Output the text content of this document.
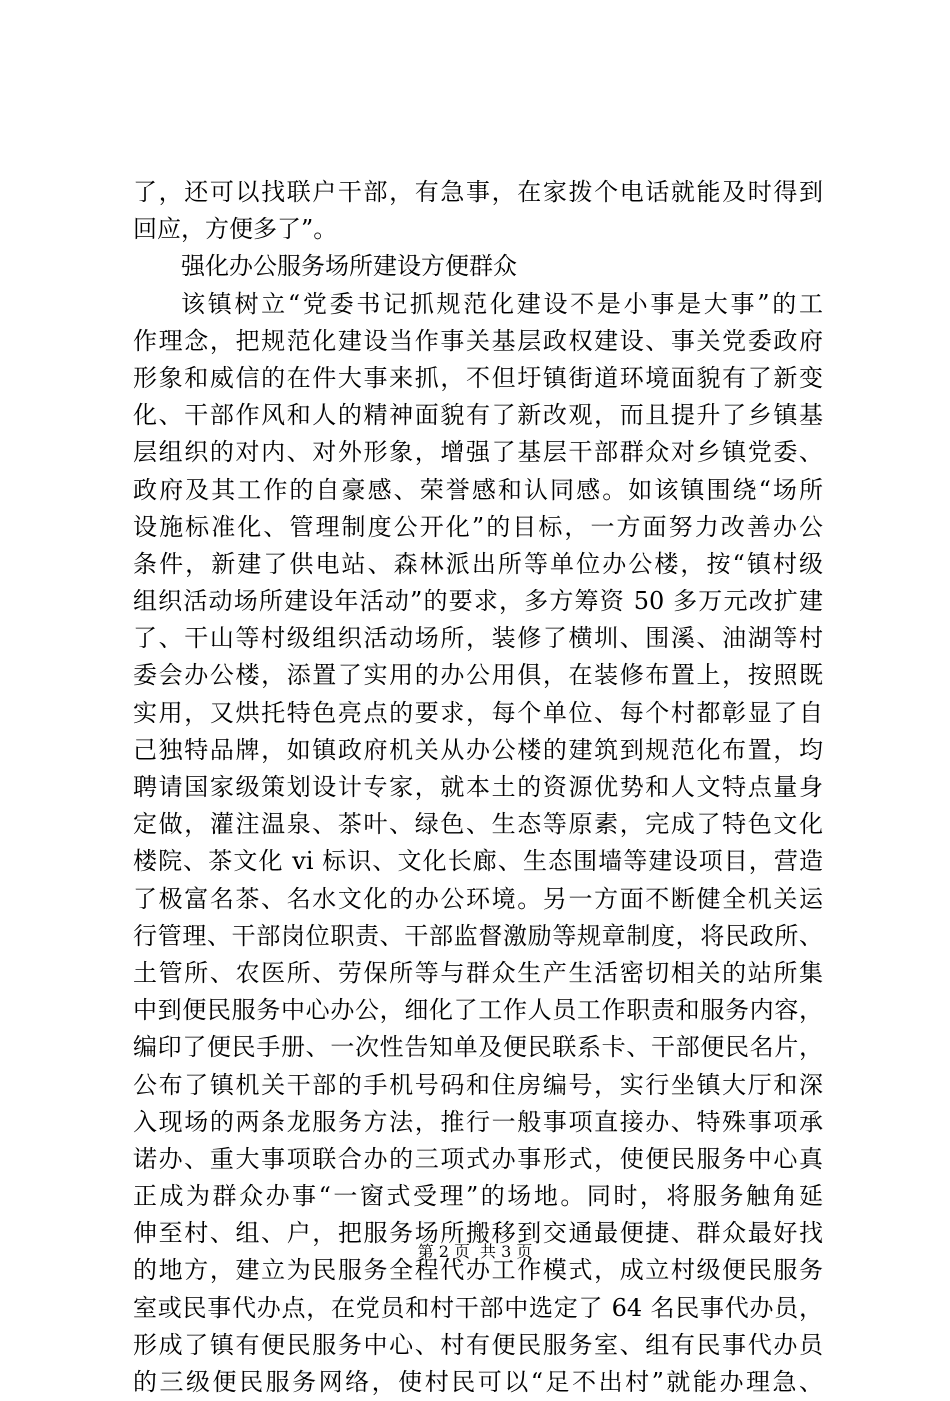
了，还可以找联户干部，有急事，在家拨个电话就能及时得到
回应，方便多了”。
强化办公服务场所建设方便群众
该镇树立“党委书记抓规范化建设不是小事是大事”的工
作理念，把规范化建设当作事关基层政权建设、事关党委政府
形象和威信的在件大事来抓，不但圩镇街道环境面貌有了新变
化、干部作风和人的精神面貌有了新改观，而且提升了乡镇基
层组织的对内、对外形象，增强了基层干部群众对乡镇党委、
政府及其工作的自豪感、荣誉感和认同感。如该镇围绕“场所
设施标准化、管理制度公开化”的目标，一方面努力改善办公
条件，新建了供电站、森林派出所等单位办公楼，按“镇村级
组织活动场所建设年活动”的要求，多方筹资 50 多万元改扩建
了、干山等村级组织活动场所，装修了横圳、围溪、油湖等村
委会办公楼，添置了实用的办公用俱，在装修布置上，按照既
实用，又烘托特色亮点的要求，每个单位、每个村都彰显了自
己独特品牌，如镇政府机关从办公楼的建筑到规范化布置，均
聘请国家级策划设计专家，就本土的资源优势和人文特点量身
定做，灌注温泉、茶叶、绿色、生态等原素，完成了特色文化
楼院、茶文化 vi 标识、文化长廊、生态围墙等建设项目，营造
了极富名茶、名水文化的办公环境。另一方面不断健全机关运
行管理、干部岗位职责、干部监督激励等规章制度，将民政所、
土管所、农医所、劳保所等与群众生产生活密切相关的站所集
中到便民服务中心办公，细化了工作人员工作职责和服务内容，
编印了便民手册、一次性告知单及便民联系卡、干部便民名片，
公布了镇机关干部的手机号码和住房编号，实行坐镇大厅和深
入现场的两条龙服务方法，推行一般事项直接办、特殊事项承
诺办、重大事项联合办的三项式办事形式，使便民服务中心真
正成为群众办事“一窗式受理”的场地。同时，将服务触角延
伸至村、组、户，把服务场所搬移到交通最便捷、群众最好找
的地方，建立为民服务全程代办工作模式，成立村级便民服务
室或民事代办点，在党员和村干部中选定了 64 名民事代办员，
形成了镇有便民服务中心、村有便民服务室、组有民事代办员
的三级便民服务网络，使村民可以“足不出村”就能办理急、
第 2 页 共 3 页
